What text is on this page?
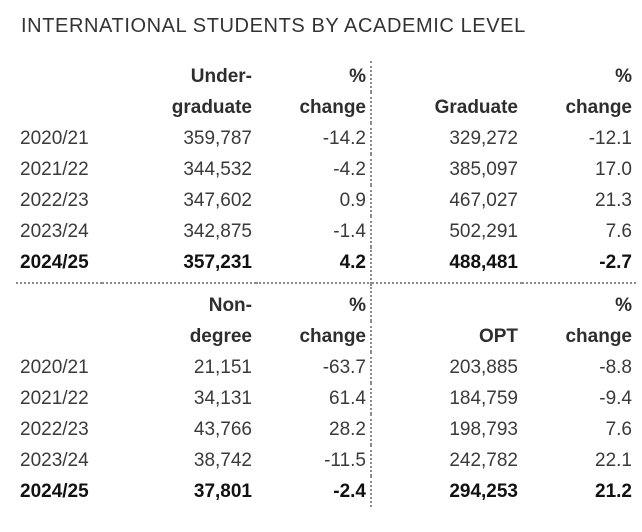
INTERNATIONAL STUDENTS BY ACADEMIC LEVEL
	Under-	%		%
	graduate	change	Graduate	change
2020/21	359,787	-14.2	329,272	-12.1
2021/22	344,532	-4.2	385,097	17.0
2022/23	347,602	0.9	467,027	21.3
2023/24	342,875	-1.4	502,291	7.6
2024/25	357,231	4.2	488,481	-2.7
	Non-	%		%
	degree	change	OPT	change
2020/21	21,151	-63.7	203,885	-8.8
2021/22	34,131	61.4	184,759	-9.4
2022/23	43,766	28.2	198,793	7.6
2023/24	38,742	-11.5	242,782	22.1
2024/25	37,801	-2.4	294,253	21.2
